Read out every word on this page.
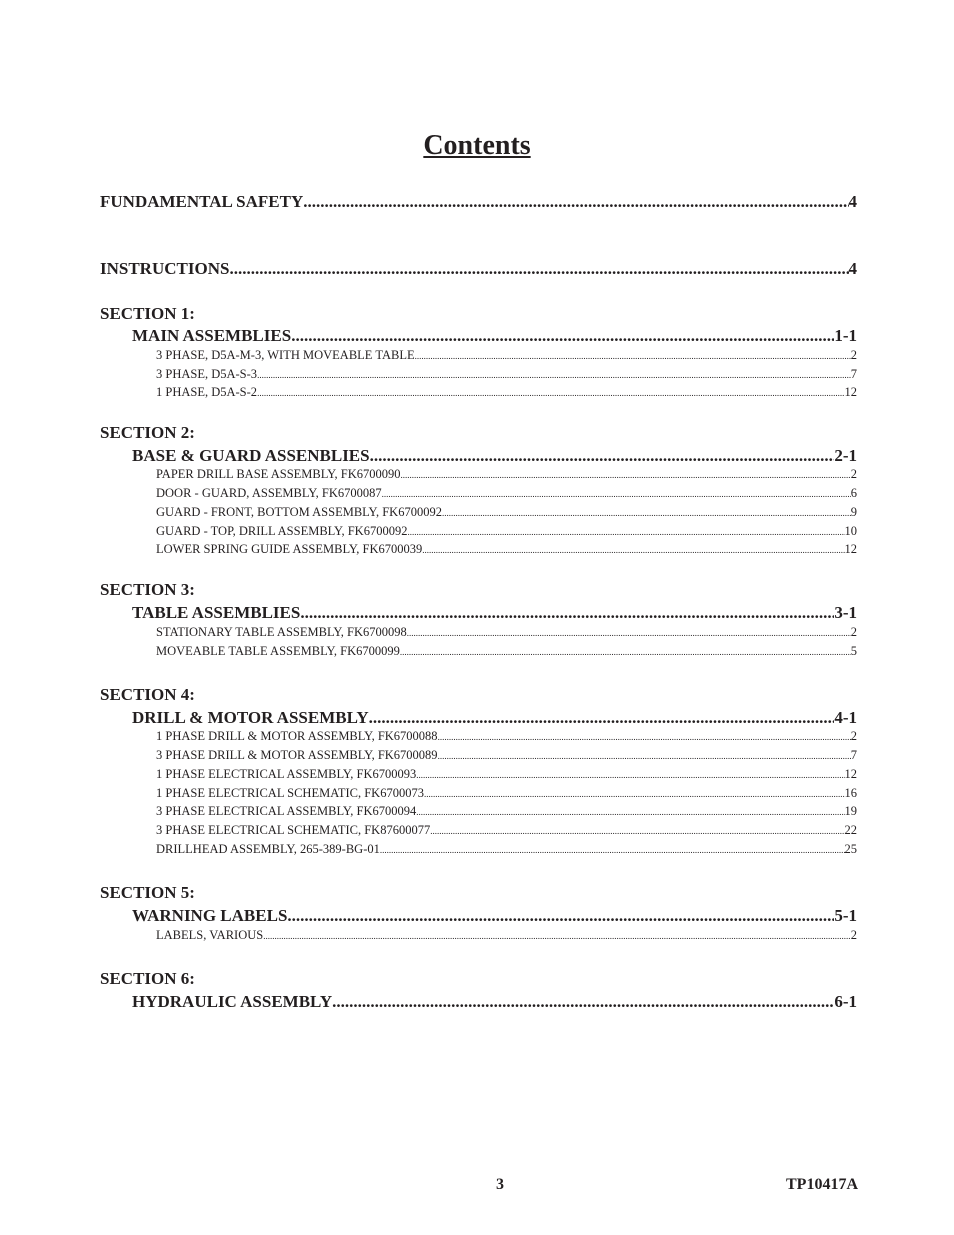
Contents
FUNDAMENTAL SAFETY .....	4
INSTRUCTIONS .....	4
SECTION 1:
MAIN ASSEMBLIES .....	1-1
3 PHASE, D5A-M-3, WITH MOVEABLE TABLE .....	2
3 PHASE, D5A-S-3 .....	7
1 PHASE, D5A-S-2 .....	12
SECTION 2:
BASE & GUARD ASSENBLIES .....	2-1
PAPER DRILL BASE ASSEMBLY, FK6700090 .....	2
DOOR - GUARD, ASSEMBLY, FK6700087 .....	6
GUARD - FRONT, BOTTOM ASSEMBLY, FK6700092 .....	9
GUARD - TOP, DRILL ASSEMBLY, FK6700092 .....	10
LOWER SPRING GUIDE ASSEMBLY, FK6700039 .....	12
SECTION 3:
TABLE ASSEMBLIES .....	3-1
STATIONARY TABLE ASSEMBLY, FK6700098 .....	2
MOVEABLE TABLE ASSEMBLY, FK6700099 .....	5
SECTION 4:
DRILL & MOTOR ASSEMBLY .....	4-1
1 PHASE DRILL & MOTOR ASSEMBLY, FK6700088 .....	2
3 PHASE DRILL & MOTOR ASSEMBLY, FK6700089 .....	7
1 PHASE ELECTRICAL ASSEMBLY, FK6700093 .....	12
1 PHASE ELECTRICAL SCHEMATIC, FK6700073 .....	16
3 PHASE ELECTRICAL ASSEMBLY, FK6700094 .....	19
3 PHASE ELECTRICAL SCHEMATIC, FK87600077 .....	22
DRILLHEAD ASSEMBLY, 265-389-BG-01 .....	25
SECTION 5:
WARNING LABELS .....	5-1
LABELS, VARIOUS .....	2
SECTION 6:
HYDRAULIC ASSEMBLY .....	6-1
3	TP10417A
